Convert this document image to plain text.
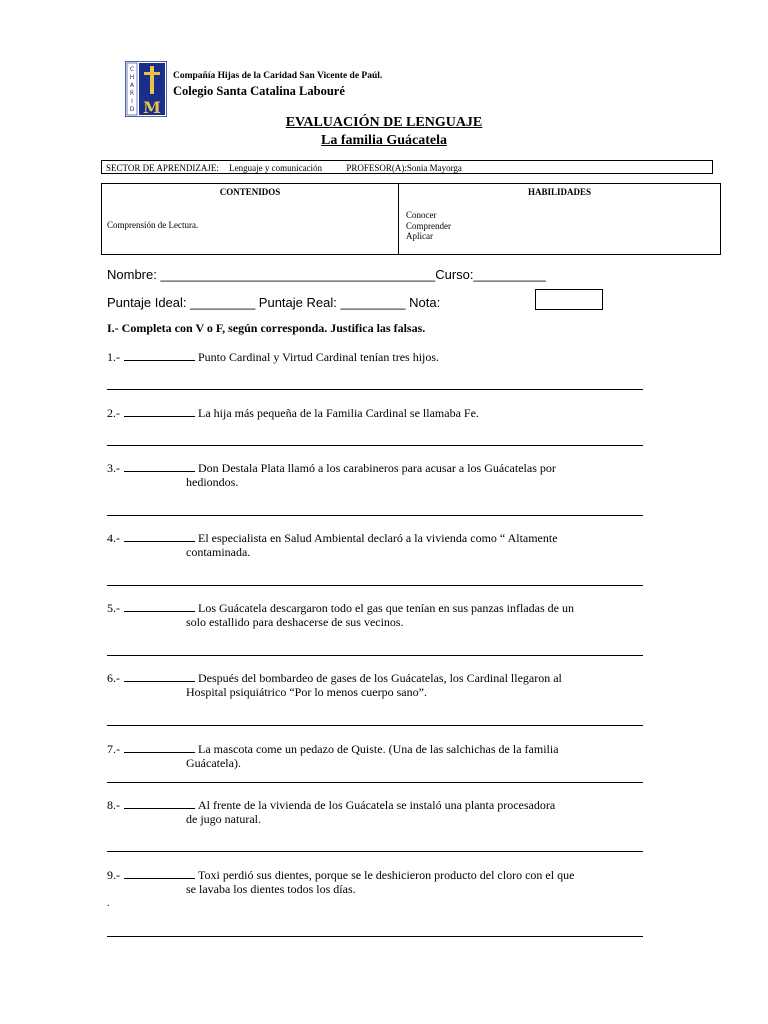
C
H
A
R
I
D M
Compañía Hijas de la Caridad San Vicente de Paúl.
Colegio Santa Catalina Labouré
EVALUACIÓN DE LENGUAJE
La familia Guácatela
SECTOR DE APRENDIZAJE: Lenguaje y comunicación	PROFESOR(A):Sonia Mayorga
CONTENIDOS	HABILIDADES
Comprensión de Lectura.
Conocer
Comprender
Aplicar
Nombre: ______________________________________Curso:__________
Puntaje Ideal: _________ Puntaje Real: _________ Nota:
I.- Completa con V o F, según corresponda. Justifica las falsas.
1.-	Punto Cardinal y Virtud Cardinal tenían tres hijos.
2.-	La hija más pequeña de la Familia Cardinal se llamaba Fe.
3.-	Don Destala Plata llamó a los carabineros para acusar a los Guácatelas por
hediondos.
4.-	El especialista en Salud Ambiental declaró a la vivienda como “ Altamente
contaminada.
5.-	Los Guácatela descargaron todo el gas que tenían en sus panzas infladas de un
solo estallido para deshacerse de sus vecinos.
6.-	Después del bombardeo de gases de los Guácatelas, los Cardinal llegaron al
Hospital psiquiátrico “Por lo menos cuerpo sano”.
7.-	La mascota come un pedazo de Quiste. (Una de las salchichas de la familia
Guácatela).
8.-	Al frente de la vivienda de los Guácatela se instaló una planta procesadora
de jugo natural.
9.-	Toxi perdió sus dientes, porque se le deshicieron producto del cloro con el que
se lavaba los dientes todos los días.
.
